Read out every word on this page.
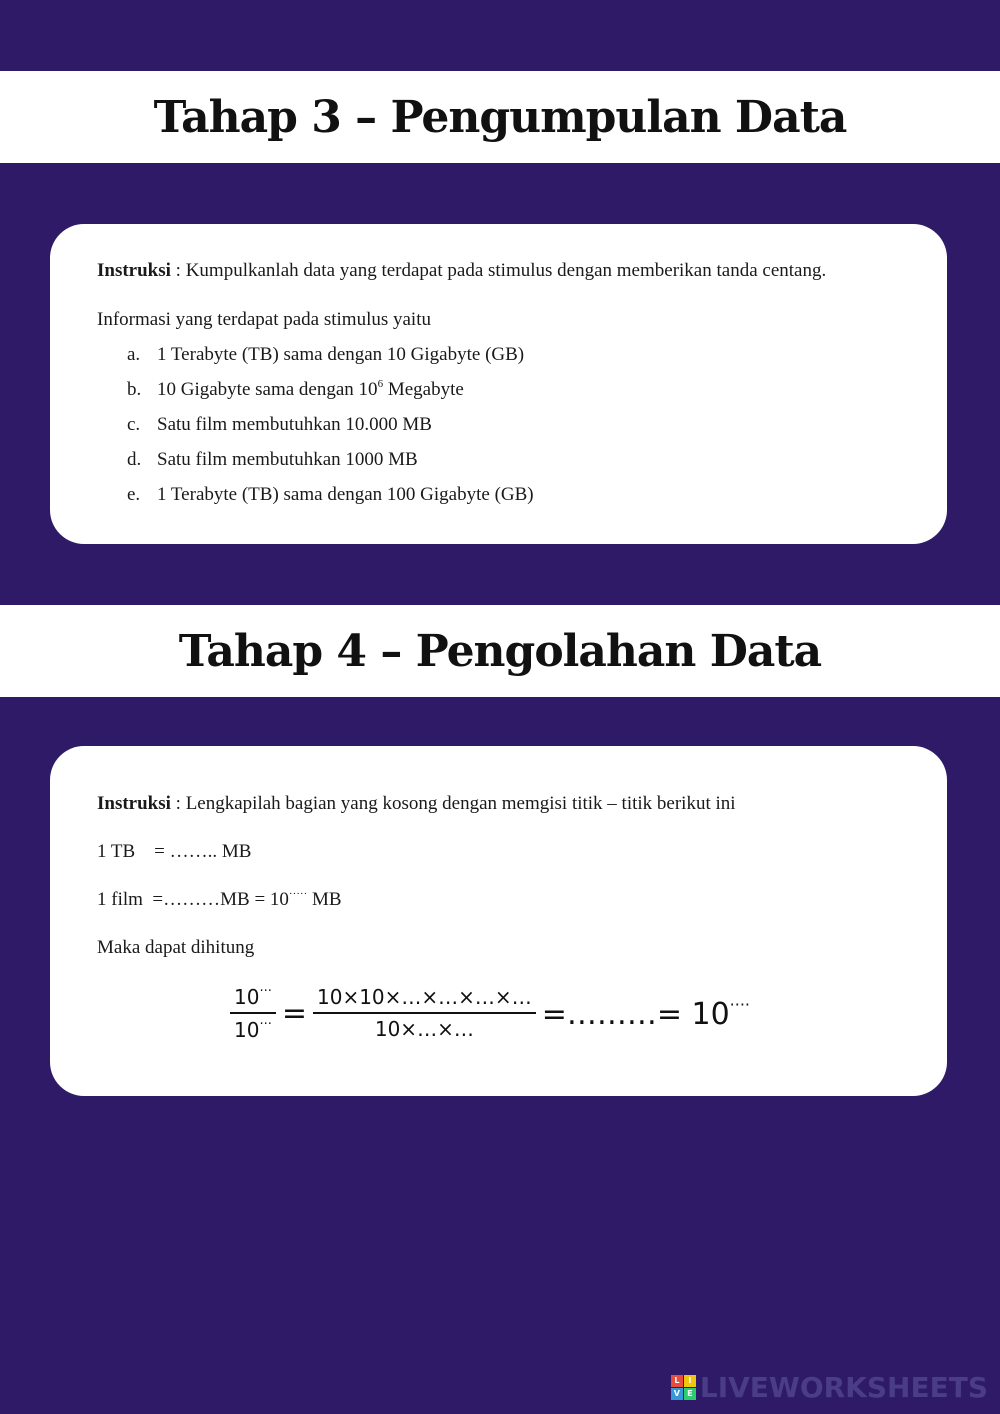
Tahap 3 – Pengumpulan Data

Instruksi : Kumpulkanlah data yang terdapat pada stimulus dengan memberikan tanda centang.

Informasi yang terdapat pada stimulus yaitu

a. 1 Terabyte (TB) sama dengan 10 Gigabyte (GB)
b. 10 Gigabyte sama dengan $10^6$ Megabyte
c. Satu film membutuhkan 10.000 MB
d. Satu film membutuhkan 1000 MB
e. 1 Terabyte (TB) sama dengan 100 Gigabyte (GB)
Tahap 4 – Pengolahan Data

Instruksi : Lengkapilah bagian yang kosong dengan memgisi titik – titik berikut ini

1 TB    = …….. MB

1 film  =………MB = 10····· MB

Maka dapat dihitung

$\frac{10^{\cdot\cdot\cdot}}{10^{\cdot\cdot\cdot}} = \frac{10\times 10\times\dots\times\dots\times\dots\times\dots}{10\times\dots\times\dots}$ =………= 10····
L	I
V E LIVEWORKSHEETS
